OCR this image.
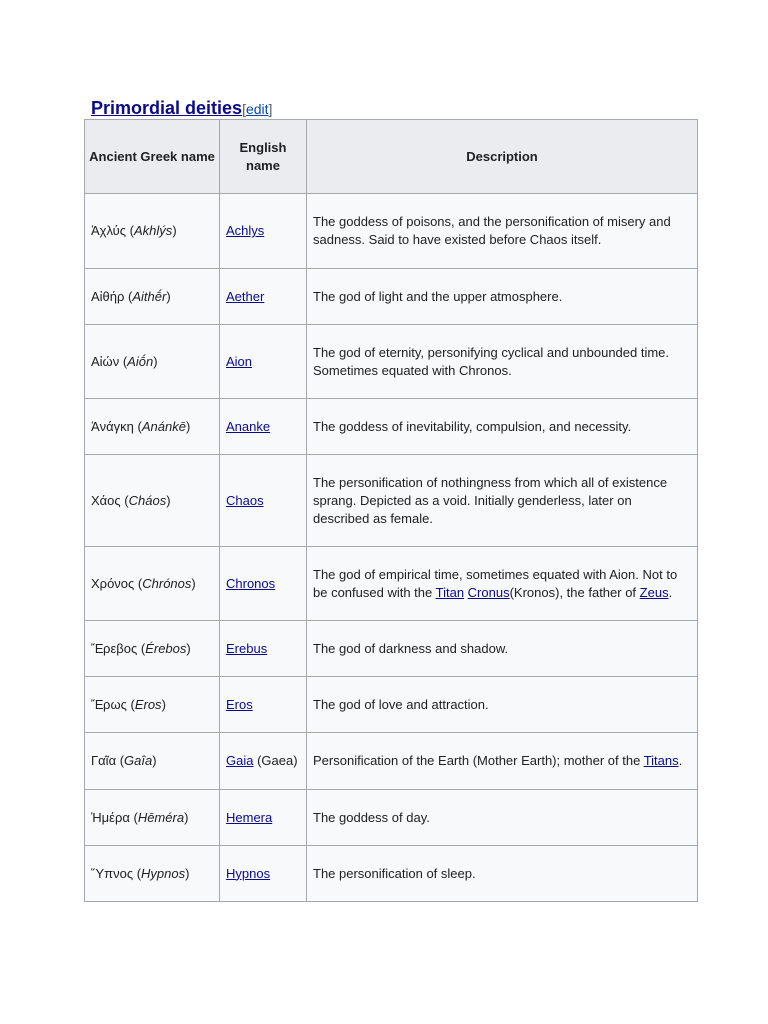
Primordial deities[edit]
Ancient Greek name	English name	Description
Ἀχλύς (Akhlýs)	Achlys	The goddess of poisons, and the personification of misery and sadness. Said to have existed before Chaos itself.

Αἰθήρ (Aithḗr)	Aether	The god of light and the upper atmosphere.

Αἰών (Aiṓn)	Aion	The god of eternity, personifying cyclical and unbounded time. Sometimes equated with Chronos.

Ἀνάγκη (Anánkē)	Ananke	The goddess of inevitability, compulsion, and necessity.

Χάος (Cháos)	Chaos	The personification of nothingness from which all of existence sprang. Depicted as a void. Initially genderless, later on described as female.

Χρόνος (Chrónos)	Chronos	The god of empirical time, sometimes equated with Aion. Not to be confused with the Titan Cronus(Kronos), the father of Zeus.

Ἔρεβος (Érebos)	Erebus	The god of darkness and shadow.

Ἔρως (Eros)	Eros	The god of love and attraction.

Γαῖα (Gaîa)	Gaia (Gaea)	Personification of the Earth (Mother Earth); mother of the Titans.

Ἡμέρα (Hēméra)	Hemera	The goddess of day.

Ὕπνος (Hypnos)	Hypnos	The personification of sleep.
